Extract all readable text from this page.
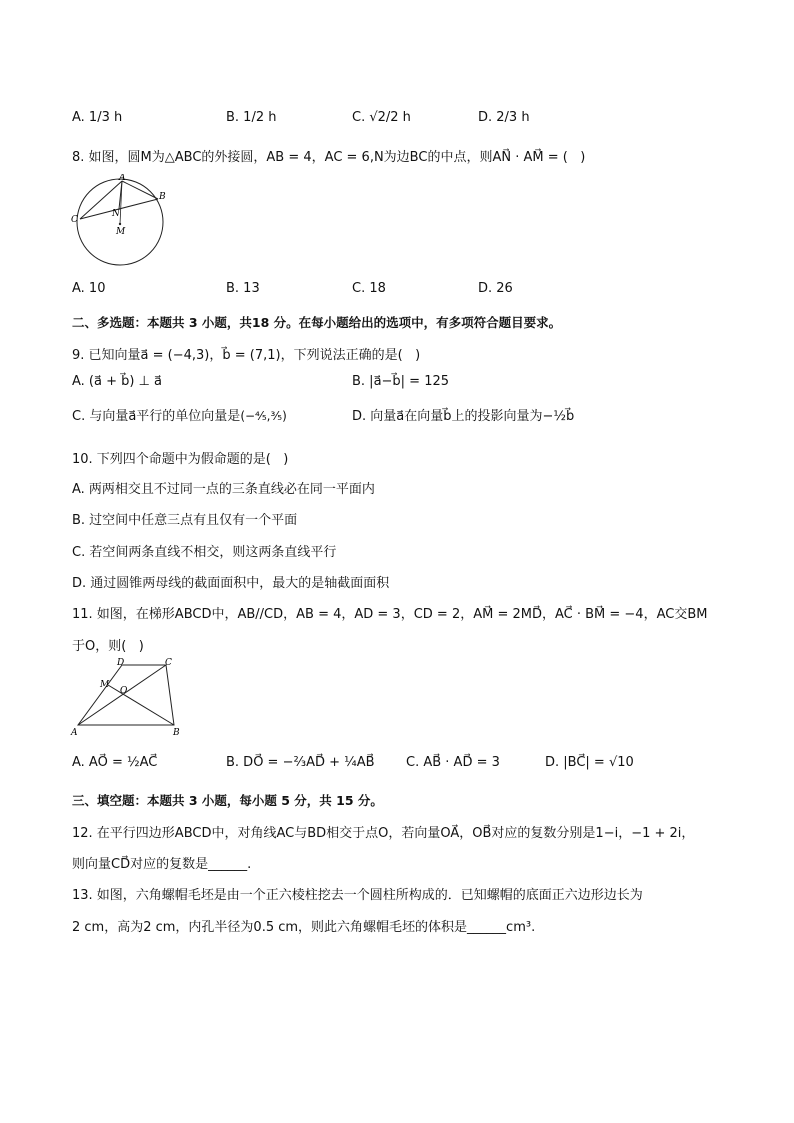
A. 1/3 h	B. 1/2 h	C. √2/2 h	D. 2/3 h
8. 如图，圆M为△ABC的外接圆，AB = 4，AC = 6,N为边BC的中点，则AN⃗ · AM⃗ = (   )
A
B
C
N
M
A. 10	B. 13	C. 18	D. 26
二、多选题：本题共 3 小题，共18 分。在每小题给出的选项中，有多项符合题目要求。
9. 已知向量a⃗ = (−4,3)，b⃗ = (7,1)，下列说法正确的是(   )
A. (a⃗ + b⃗) ⊥ a⃗	B. |a⃗−b⃗| = 125
C. 与向量a⃗平行的单位向量是(−⁴⁄₅,³⁄₅)	D. 向量a⃗在向量b⃗上的投影向量为−½b⃗
10. 下列四个命题中为假命题的是(   )
A. 两两相交且不过同一点的三条直线必在同一平面内
B. 过空间中任意三点有且仅有一个平面
C. 若空间两条直线不相交，则这两条直线平行
D. 通过圆锥两母线的截面面积中，最大的是轴截面面积
11. 如图，在梯形ABCD中，AB//CD，AB = 4，AD = 3，CD = 2，AM⃗ = 2MD⃗，AC⃗ · BM⃗ = −4，AC交BM
于O，则(   )
A	B
C
D
M
O
A. AO⃗ = ½AC⃗	B. DO⃗ = −⅔AD⃗ + ¼AB⃗ C. AB⃗ · AD⃗ = 3	D. |BC⃗| = √10
三、填空题：本题共 3 小题，每小题 5 分，共 15 分。
12. 在平行四边形ABCD中，对角线AC与BD相交于点O，若向量OA⃗，OB⃗对应的复数分别是1−i，−1 + 2i，
则向量CD⃗对应的复数是______.
13. 如图，六角螺帽毛坯是由一个正六棱柱挖去一个圆柱所构成的．已知螺帽的底面正六边形边长为
2 cm，高为2 cm，内孔半径为0.5 cm，则此六角螺帽毛坯的体积是______cm³.
